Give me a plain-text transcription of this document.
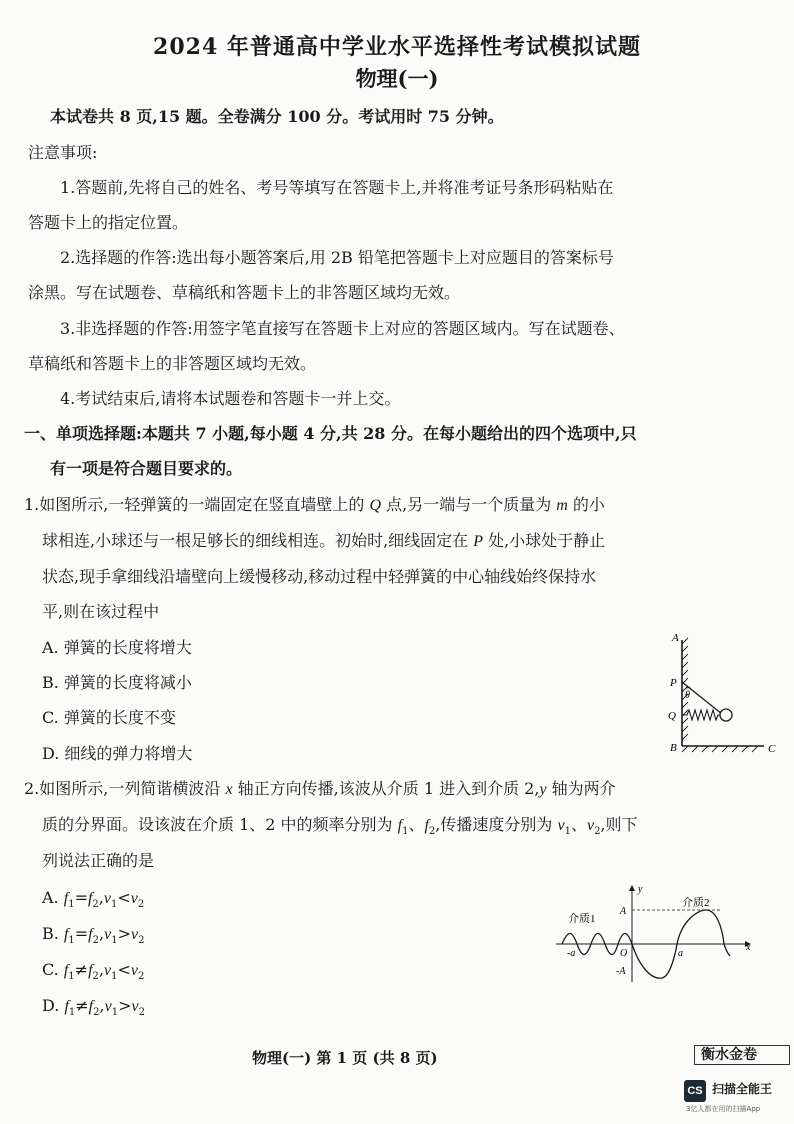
2024 年普通高中学业水平选择性考试模拟试题
物理(一)
本试卷共 8 页,15 题。全卷满分 100 分。考试用时 75 分钟。
注意事项:
1.答题前,先将自己的姓名、考号等填写在答题卡上,并将准考证号条形码粘贴在
答题卡上的指定位置。
2.选择题的作答:选出每小题答案后,用 2B 铅笔把答题卡上对应题目的答案标号
涂黑。写在试题卷、草稿纸和答题卡上的非答题区域均无效。
3.非选择题的作答:用签字笔直接写在答题卡上对应的答题区域内。写在试题卷、
草稿纸和答题卡上的非答题区域均无效。
4.考试结束后,请将本试题卷和答题卡一并上交。
一、单项选择题:本题共 7 小题,每小题 4 分,共 28 分。在每小题给出的四个选项中,只
有一项是符合题目要求的。
1.如图所示,一轻弹簧的一端固定在竖直墙壁上的 Q 点,另一端与一个质量为 m 的小
球相连,小球还与一根足够长的细线相连。初始时,细线固定在 P 处,小球处于静止
状态,现手拿细线沿墙壁向上缓慢移动,移动过程中轻弹簧的中心轴线始终保持水
平,则在该过程中
A. 弹簧的长度将增大
B. 弹簧的长度将减小
C. 弹簧的长度不变
D. 细线的弹力将增大
A
P
θ
Q
B	C
2.如图所示,一列简谐横波沿 x 轴正方向传播,该波从介质 1 进入到介质 2,y 轴为两介
质的分界面。设该波在介质 1、2 中的频率分别为 $f_1$、$f_2$,传播速度分别为 $v_1$、$v_2$,则下
列说法正确的是
A. $f_1=f_2,v_1<v_2$
B. $f_1=f_2,v_1>v_2$
C. $f_1\ne f_2,v_1<v_2$
D. $f_1\ne f_2,v_1>v_2$
y
x
A
-A
a
-a	O
介质1
介质2
物理(一) 第 1 页 (共 8 页)	衡水金卷
CS 扫描全能王
3亿人都在用的扫描App
